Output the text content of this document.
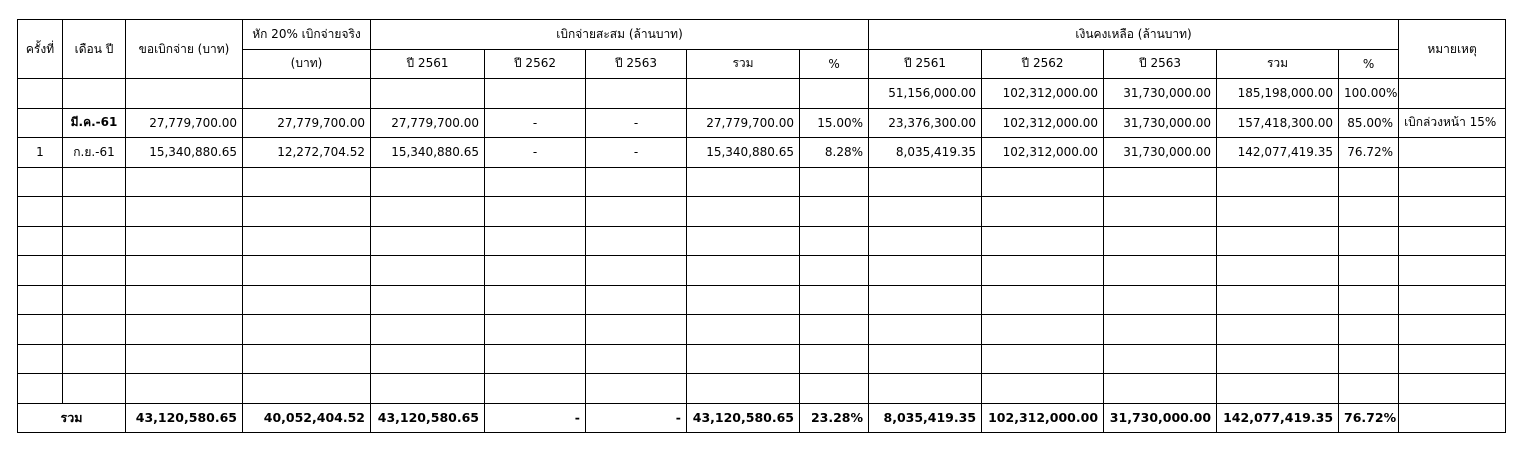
ครั้งที่	เดือน ปี	ขอเบิกจ่าย (บาท)	หัก 20% เบิกจ่ายจริง	เบิกจ่ายสะสม (ล้านบาท)					เงินคงเหลือ (ล้านบาท)					หมายเหตุ
			(บาท)	ปี 2561	ปี 2562	ปี 2563	รวม	%	ปี 2561	ปี 2562	ปี 2563	รวม	%	
									51,156,000.00	102,312,000.00	31,730,000.00	185,198,000.00	100.00%	
	มี.ค.-61	27,779,700.00	27,779,700.00	27,779,700.00	-	-	27,779,700.00	15.00%	23,376,300.00	102,312,000.00	31,730,000.00	157,418,300.00	85.00%	เบิกล่วงหน้า 15%
1	ก.ย.-61	15,340,880.65	12,272,704.52	15,340,880.65	-	-	15,340,880.65	8.28%	8,035,419.35	102,312,000.00	31,730,000.00	142,077,419.35	76.72%	

รวม		43,120,580.65	40,052,404.52	43,120,580.65	-	-	43,120,580.65	23.28%	8,035,419.35	102,312,000.00	31,730,000.00	142,077,419.35	76.72%	
